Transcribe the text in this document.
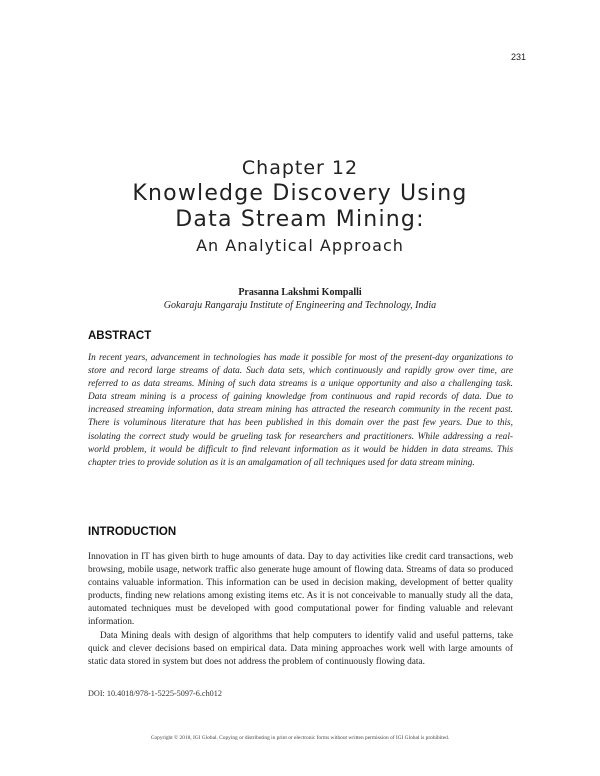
231
Chapter 12
Knowledge Discovery Using
Data Stream Mining:
An Analytical Approach
Prasanna Lakshmi Kompalli
Gokaraju Rangaraju Institute of Engineering and Technology, India
ABSTRACT

In recent years, advancement in technologies has made it possible for most of the present-day organizations to store and record large streams of data. Such data sets, which continuously and rapidly grow over time, are referred to as data streams. Mining of such data streams is a unique opportunity and also a challenging task. Data stream mining is a process of gaining knowledge from continuous and rapid records of data. Due to increased streaming information, data stream mining has attracted the research community in the recent past. There is voluminous literature that has been published in this domain over the past few years. Due to this, isolating the correct study would be grueling task for researchers and practitioners. While addressing a real-world problem, it would be difficult to find relevant information as it would be hidden in data streams. This chapter tries to provide solution as it is an amalgamation of all techniques used for data stream mining.

INTRODUCTION

Innovation in IT has given birth to huge amounts of data. Day to day activities like credit card transactions, web browsing, mobile usage, network traffic also generate huge amount of flowing data. Streams of data so produced contains valuable information. This information can be used in decision making, development of better quality products, finding new relations among existing items etc. As it is not conceivable to manually study all the data, automated techniques must be developed with good computational power for finding valuable and relevant information.

Data Mining deals with design of algorithms that help computers to identify valid and useful patterns, take quick and clever decisions based on empirical data. Data mining approaches work well with large amounts of static data stored in system but does not address the problem of continuously flowing data.

DOI: 10.4018/978-1-5225-5097-6.ch012
Copyright © 2018, IGI Global. Copying or distributing in print or electronic forms without written permission of IGI Global is prohibited.
